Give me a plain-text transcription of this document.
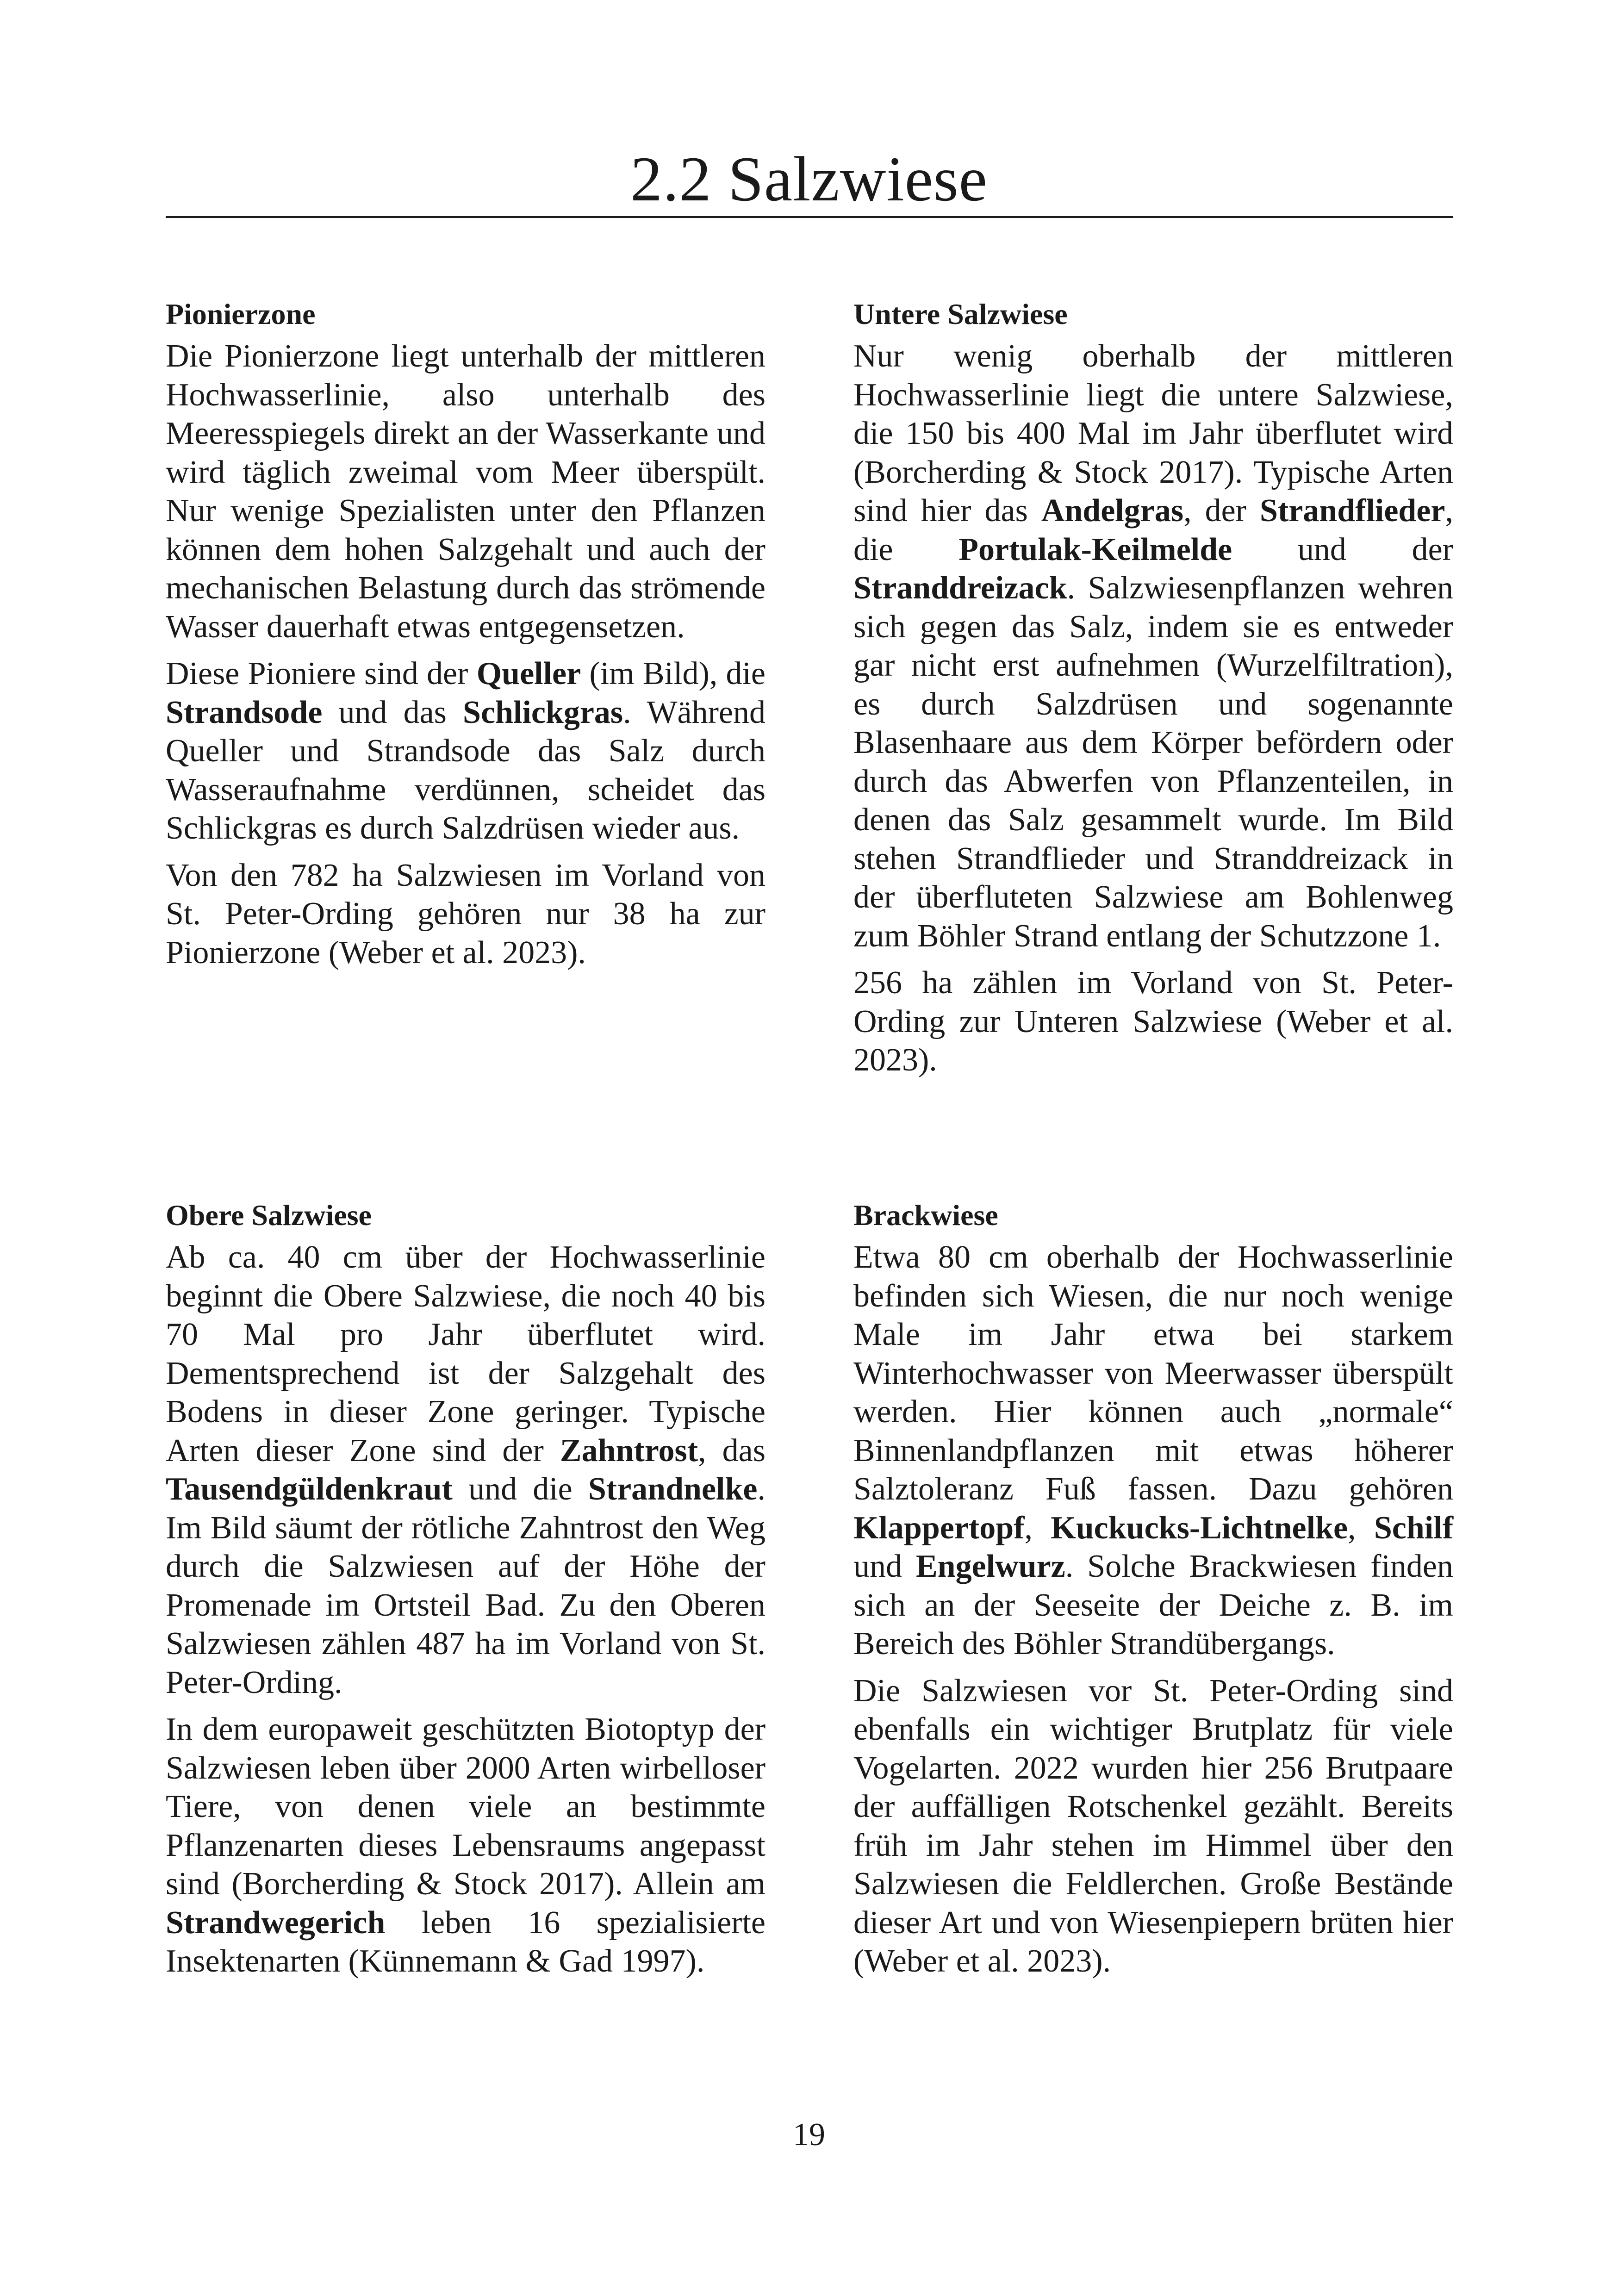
2.2 Salzwiese
Pionierzone

Die Pionierzone liegt unterhalb der mittleren Hochwasserlinie, also unterhalb des Meeresspiegels direkt an der Wasserkante und wird täglich zweimal vom Meer überspült. Nur wenige Spezialisten unter den Pflanzen können dem hohen Salzgehalt und auch der mechanischen Belastung durch das strömende Wasser dauerhaft etwas entgegensetzen.

Diese Pioniere sind der Queller (im Bild), die Strandsode und das Schlickgras. Während Queller und Strandsode das Salz durch Wasseraufnahme verdünnen, scheidet das Schlickgras es durch Salzdrüsen wieder aus.

Von den 782 ha Salzwiesen im Vorland von St. Peter-Ording gehören nur 38 ha zur Pionierzone (Weber et al. 2023).

Untere Salzwiese

Nur wenig oberhalb der mittleren Hochwasserlinie liegt die untere Salzwiese, die 150 bis 400 Mal im Jahr überflutet wird (Borcherding & Stock 2017). Typische Arten sind hier das Andelgras, der Strandflieder, die Portulak-Keilmelde und der Stranddreizack. Salzwiesenpflanzen wehren sich gegen das Salz, indem sie es entweder gar nicht erst aufnehmen (Wurzelfiltration), es durch Salzdrüsen und sogenannte Blasenhaare aus dem Körper befördern oder durch das Abwerfen von Pflanzenteilen, in denen das Salz gesammelt wurde. Im Bild stehen Strandflieder und Stranddreizack in der überfluteten Salzwiese am Bohlenweg zum Böhler Strand entlang der Schutzzone 1.

256 ha zählen im Vorland von St. Peter-Ording zur Unteren Salzwiese (Weber et al. 2023).

Obere Salzwiese

Ab ca. 40 cm über der Hochwasserlinie beginnt die Obere Salzwiese, die noch 40 bis 70 Mal pro Jahr überflutet wird. Dementsprechend ist der Salzgehalt des Bodens in dieser Zone geringer. Typische Arten dieser Zone sind der Zahntrost, das Tausendgüldenkraut und die Strandnelke. Im Bild säumt der rötliche Zahntrost den Weg durch die Salzwiesen auf der Höhe der Promenade im Ortsteil Bad. Zu den Oberen Salzwiesen zählen 487 ha im Vorland von St. Peter-Ording.

In dem europaweit geschützten Biotoptyp der Salzwiesen leben über 2000 Arten wirbelloser Tiere, von denen viele an bestimmte Pflanzenarten dieses Lebensraums angepasst sind (Borcherding & Stock 2017). Allein am Strandwegerich leben 16 spezialisierte Insektenarten (Künnemann & Gad 1997).

Brackwiese

Etwa 80 cm oberhalb der Hochwasserlinie befinden sich Wiesen, die nur noch wenige Male im Jahr etwa bei starkem Winterhochwasser von Meerwasser überspült werden. Hier können auch „normale“ Binnenlandpflanzen mit etwas höherer Salztoleranz Fuß fassen. Dazu gehören Klappertopf, Kuckucks-Lichtnelke, Schilf und Engelwurz. Solche Brackwiesen finden sich an der Seeseite der Deiche z. B. im Bereich des Böhler Strandübergangs.

Die Salzwiesen vor St. Peter-Ording sind ebenfalls ein wichtiger Brutplatz für viele Vogelarten. 2022 wurden hier 256 Brutpaare der auffälligen Rotschenkel gezählt. Bereits früh im Jahr stehen im Himmel über den Salzwiesen die Feldlerchen. Große Bestände dieser Art und von Wiesenpiepern brüten hier (Weber et al. 2023).

19
